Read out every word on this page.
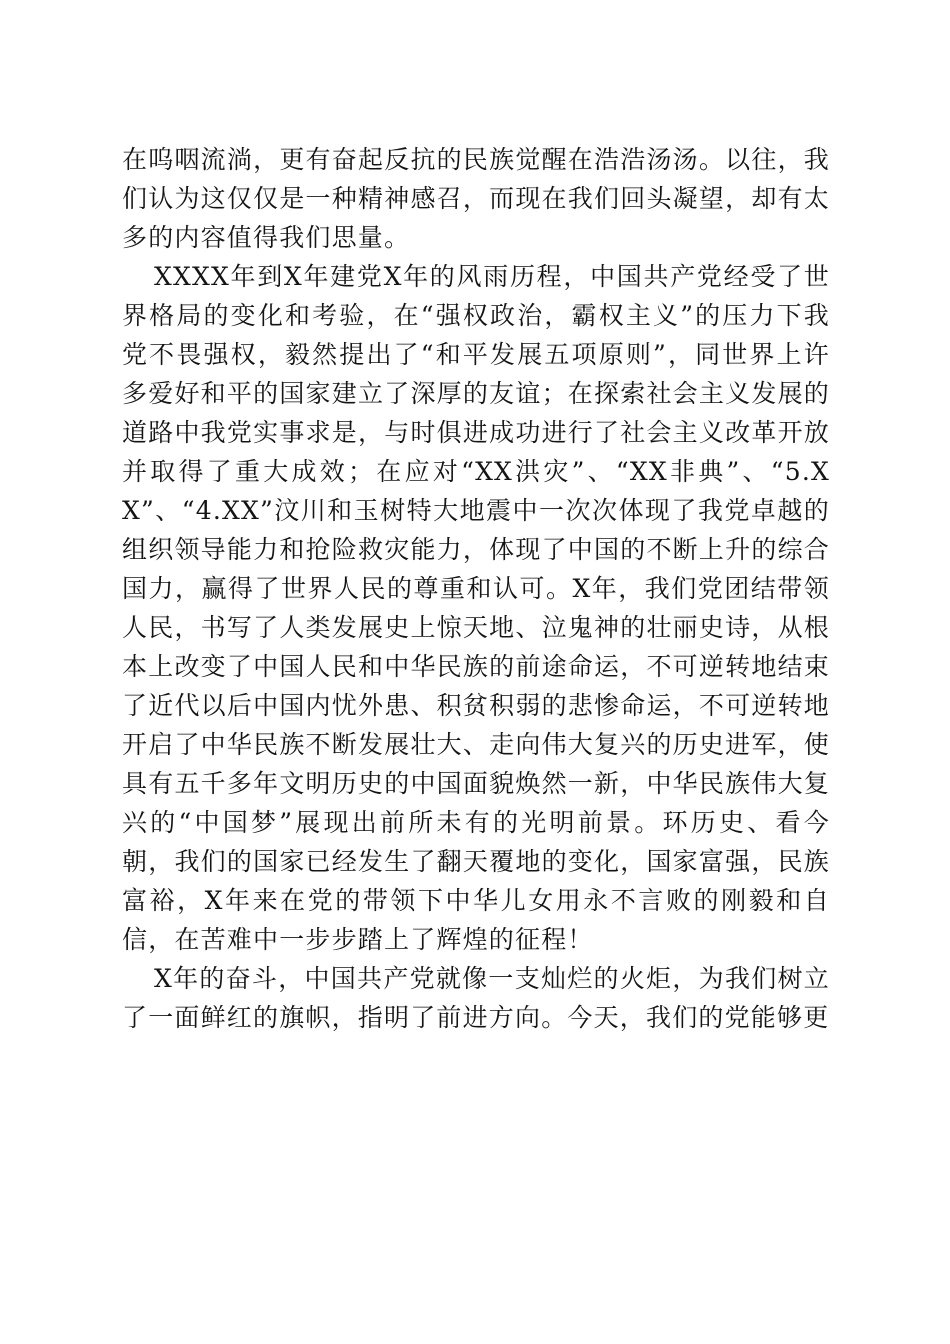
在呜咽流淌，更有奋起反抗的民族觉醒在浩浩汤汤。以往，我们认为这仅仅是一种精神感召，而现在我们回头凝望，却有太多的内容值得我们思量。

XXXX年到X年建党X年的风雨历程，中国共产党经受了世界格局的变化和考验，在“强权政治，霸权主义”的压力下我党不畏强权，毅然提出了“和平发展五项原则”，同世界上许多爱好和平的国家建立了深厚的友谊；在探索社会主义发展的道路中我党实事求是，与时俱进成功进行了社会主义改革开放并取得了重大成效；在应对“XX洪灾”、“XX非典”、“5.XX”、“4.XX”汶川和玉树特大地震中一次次体现了我党卓越的组织领导能力和抢险救灾能力，体现了中国的不断上升的综合国力，赢得了世界人民的尊重和认可。X年，我们党团结带领人民，书写了人类发展史上惊天地、泣鬼神的壮丽史诗，从根本上改变了中国人民和中华民族的前途命运，不可逆转地结束了近代以后中国内忧外患、积贫积弱的悲惨命运，不可逆转地开启了中华民族不断发展壮大、走向伟大复兴的历史进军，使具有五千多年文明历史的中国面貌焕然一新，中华民族伟大复兴的“中国梦”展现出前所未有的光明前景。环历史、看今朝，我们的国家已经发生了翻天覆地的变化，国家富强，民族富裕，X年来在党的带领下中华儿女用永不言败的刚毅和自信，在苦难中一步步踏上了辉煌的征程！

X年的奋斗，中国共产党就像一支灿烂的火炬，为我们树立了一面鲜红的旗帜，指明了前进方向。今天，我们的党能够更
